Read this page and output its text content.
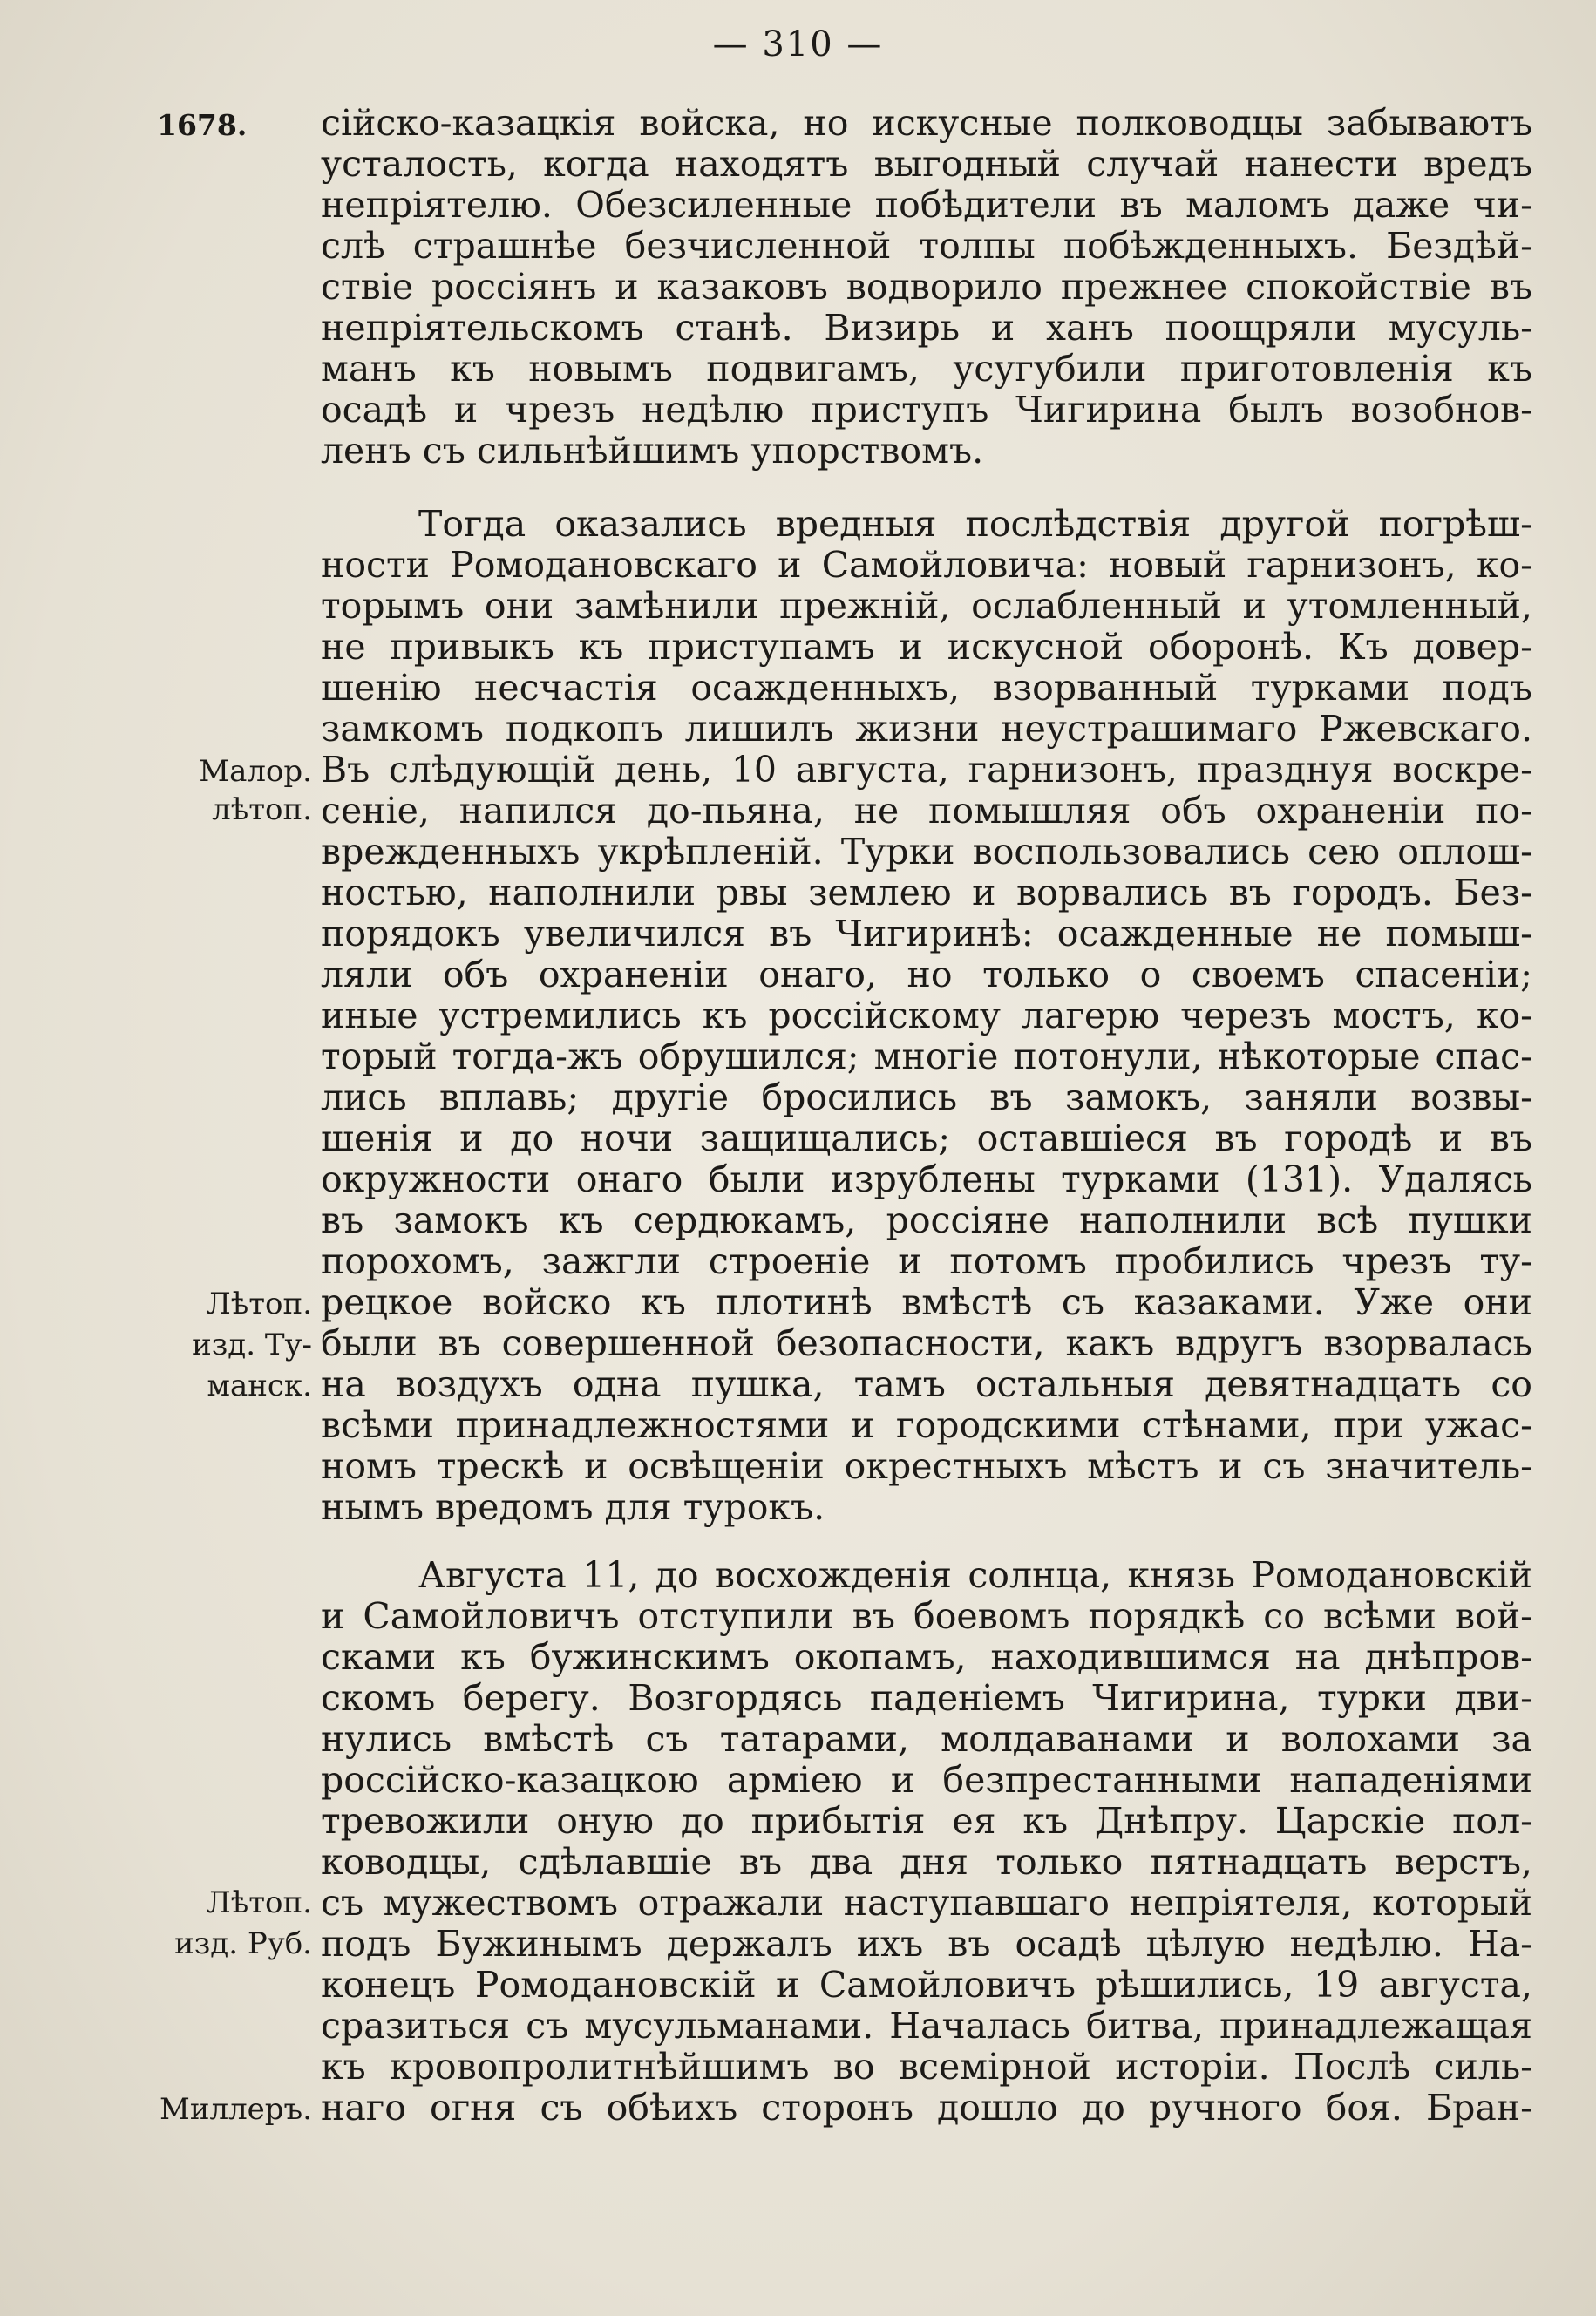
— 310 —
сійско-казацкія войска, но искусные полководцы забываютъ
усталость, когда находятъ выгодный случай нанести вредъ
непріятелю. Обезсиленные побѣдители въ маломъ даже чи-
слѣ страшнѣе безчисленной толпы побѣжденныхъ. Бездѣй-
ствіе россіянъ и казаковъ водворило прежнее спокойствіе въ
непріятельскомъ станѣ. Визирь и ханъ поощряли мусуль-
манъ къ новымъ подвигамъ, усугубили приготовленія къ
осадѣ и чрезъ недѣлю приступъ Чигирина былъ возобнов-
ленъ съ сильнѣйшимъ упорствомъ.
Тогда оказались вредныя послѣдствія другой погрѣш-
ности Ромодановскаго и Самойловича: новый гарнизонъ, ко-
торымъ они замѣнили прежній, ослабленный и утомленный,
не привыкъ къ приступамъ и искусной оборонѣ. Къ довер-
шенію несчастія осажденныхъ, взорванный турками подъ
замкомъ подкопъ лишилъ жизни неустрашимаго Ржевскаго.
Въ слѣдующій день, 10 августа, гарнизонъ, празднуя воскре-
сеніе, напился до-пьяна, не помышляя объ охраненіи по-
врежденныхъ укрѣпленій. Турки воспользовались сею оплош-
ностью, наполнили рвы землею и ворвались въ городъ. Без-
порядокъ увеличился въ Чигиринѣ: осажденные не помыш-
ляли объ охраненіи онаго, но только о своемъ спасеніи;
иные устремились къ россійскому лагерю черезъ мостъ, ко-
торый тогда-жъ обрушился; многіе потонули, нѣкоторые спас-
лись вплавь; другіе бросились въ замокъ, заняли возвы-
шенія и до ночи защищались; оставшіеся въ городѣ и въ
окружности онаго были изрублены турками (131). Удалясь
въ замокъ къ сердюкамъ, россіяне наполнили всѣ пушки
порохомъ, зажгли строеніе и потомъ пробились чрезъ ту-
рецкое войско къ плотинѣ вмѣстѣ съ казаками. Уже они
были въ совершенной безопасности, какъ вдругъ взорвалась
на воздухъ одна пушка, тамъ остальныя девятнадцать со
всѣми принадлежностями и городскими стѣнами, при ужас-
номъ трескѣ и освѣщеніи окрестныхъ мѣстъ и съ значитель-
нымъ вредомъ для турокъ.
Августа 11, до восхожденія солнца, князь Ромодановскій
и Самойловичъ отступили въ боевомъ порядкѣ со всѣми вой-
сками къ бужинскимъ окопамъ, находившимся на днѣпров-
скомъ берегу. Возгордясь паденіемъ Чигирина, турки дви-
нулись вмѣстѣ съ татарами, молдаванами и волохами за
россійско-казацкою арміею и безпрестанными нападеніями
тревожили оную до прибытія ея къ Днѣпру. Царскіе пол-
ководцы, сдѣлавшіе въ два дня только пятнадцать верстъ,
съ мужествомъ отражали наступавшаго непріятеля, который
подъ Бужинымъ держалъ ихъ въ осадѣ цѣлую недѣлю. На-
конецъ Ромодановскій и Самойловичъ рѣшились, 19 августа,
сразиться съ мусульманами. Началась битва, принадлежащая
къ кровопролитнѣйшимъ во всемірной исторіи. Послѣ силь-
наго огня съ обѣихъ сторонъ дошло до ручного боя. Бран-
1678.
Малор.
лѣтоп.
Лѣтоп.
изд. Ту-
манск.
Лѣтоп.
изд. Руб.
Миллеръ.
